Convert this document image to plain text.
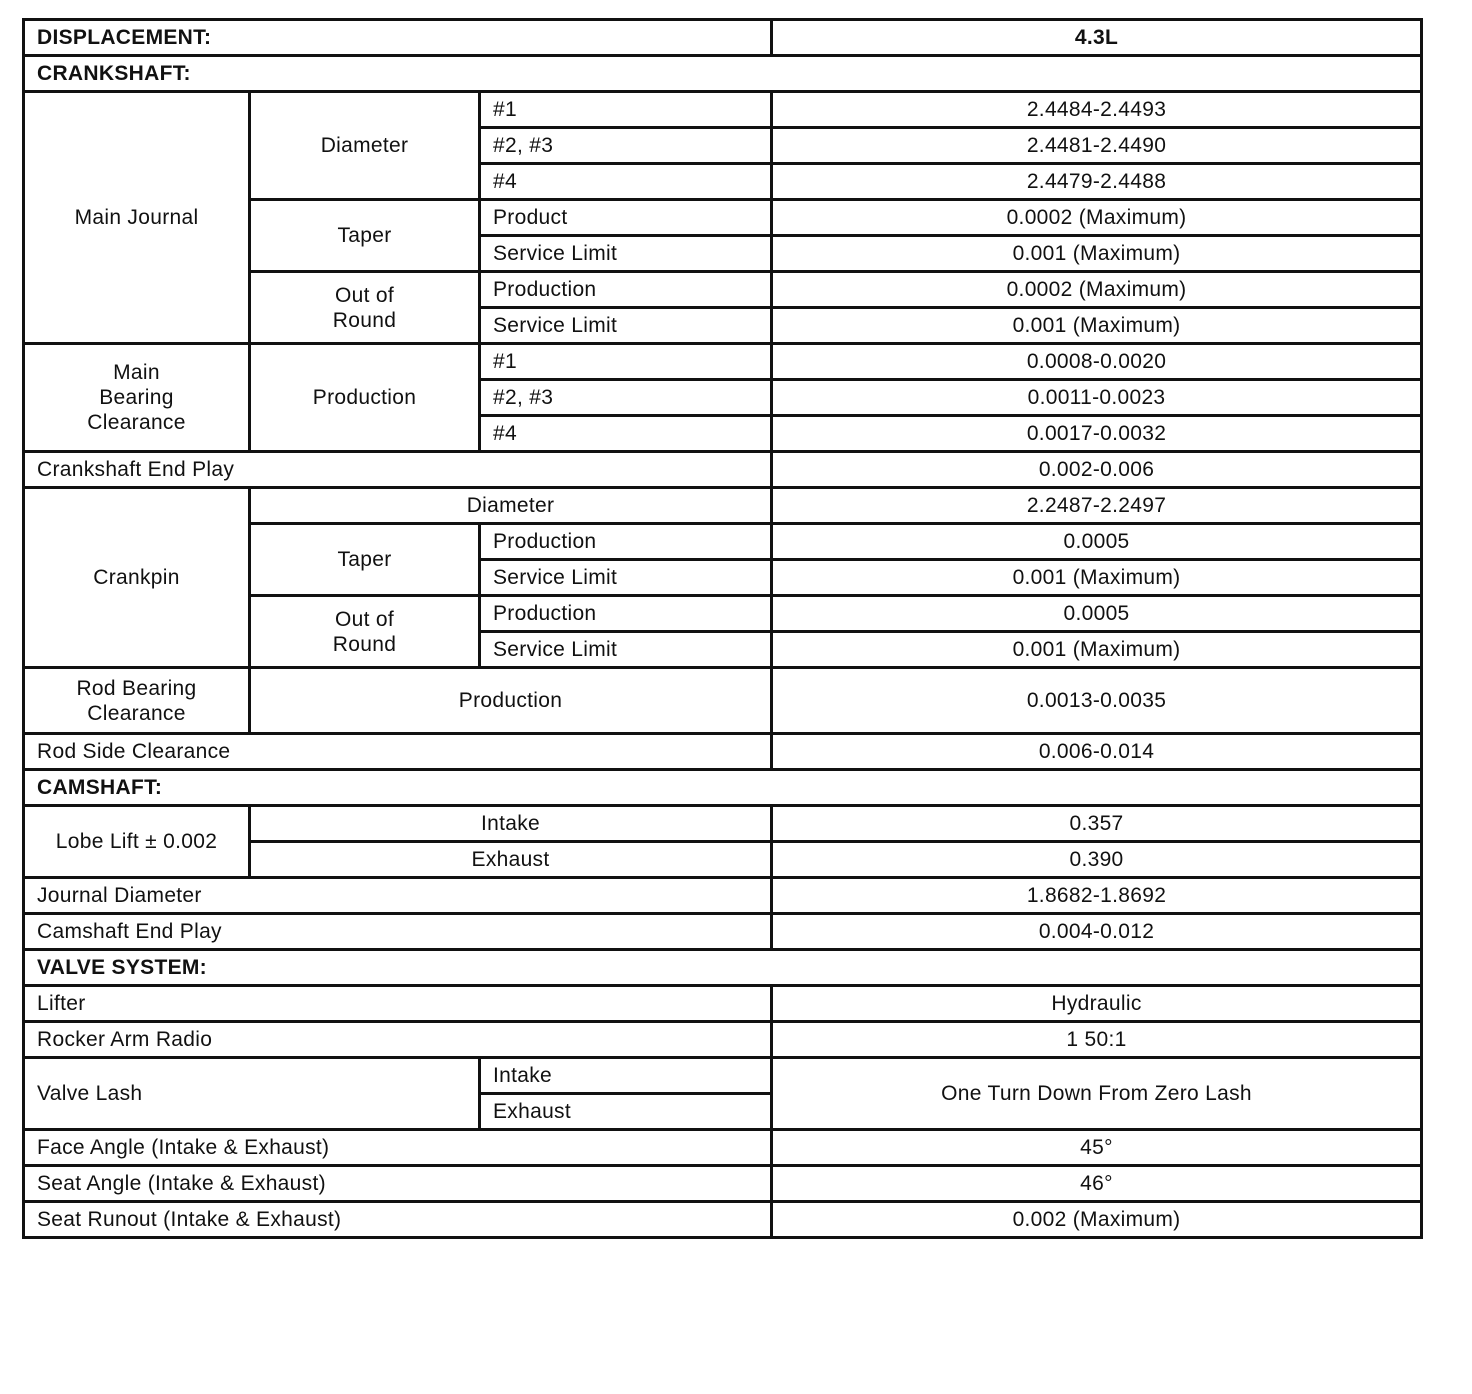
DISPLACEMENT:			4.3L
CRANKSHAFT:			
Main Journal	Diameter	#1	2.4484-2.4493
		#2, #3	2.4481-2.4490
		#4	2.4479-2.4488
	Taper	Product	0.0002 (Maximum)
		Service Limit	0.001 (Maximum)
	Out of Round	Production	0.0002 (Maximum)
		Service Limit	0.001 (Maximum)
Main Bearing Clearance	Production	#1	0.0008-0.0020
		#2, #3	0.0011-0.0023
		#4	0.0017-0.0032
Crankshaft End Play			0.002-0.006
Crankpin	Diameter		2.2487-2.2497
	Taper	Production	0.0005
		Service Limit	0.001 (Maximum)
	Out of Round	Production	0.0005
		Service Limit	0.001 (Maximum)
Rod Bearing Clearance	Production		0.0013-0.0035
Rod Side Clearance			0.006-0.014
CAMSHAFT:			
Lobe Lift ± 0.002	Intake		0.357
	Exhaust		0.390
Journal Diameter			1.8682-1.8692
Camshaft End Play			0.004-0.012
VALVE SYSTEM:			
Lifter			Hydraulic
Rocker Arm Radio			1 50:1
Valve Lash		Intake	One Turn Down From Zero Lash
		Exhaust	
Face Angle (Intake & Exhaust)			45°
Seat Angle (Intake & Exhaust)			46°
Seat Runout (Intake & Exhaust)			0.002 (Maximum)
